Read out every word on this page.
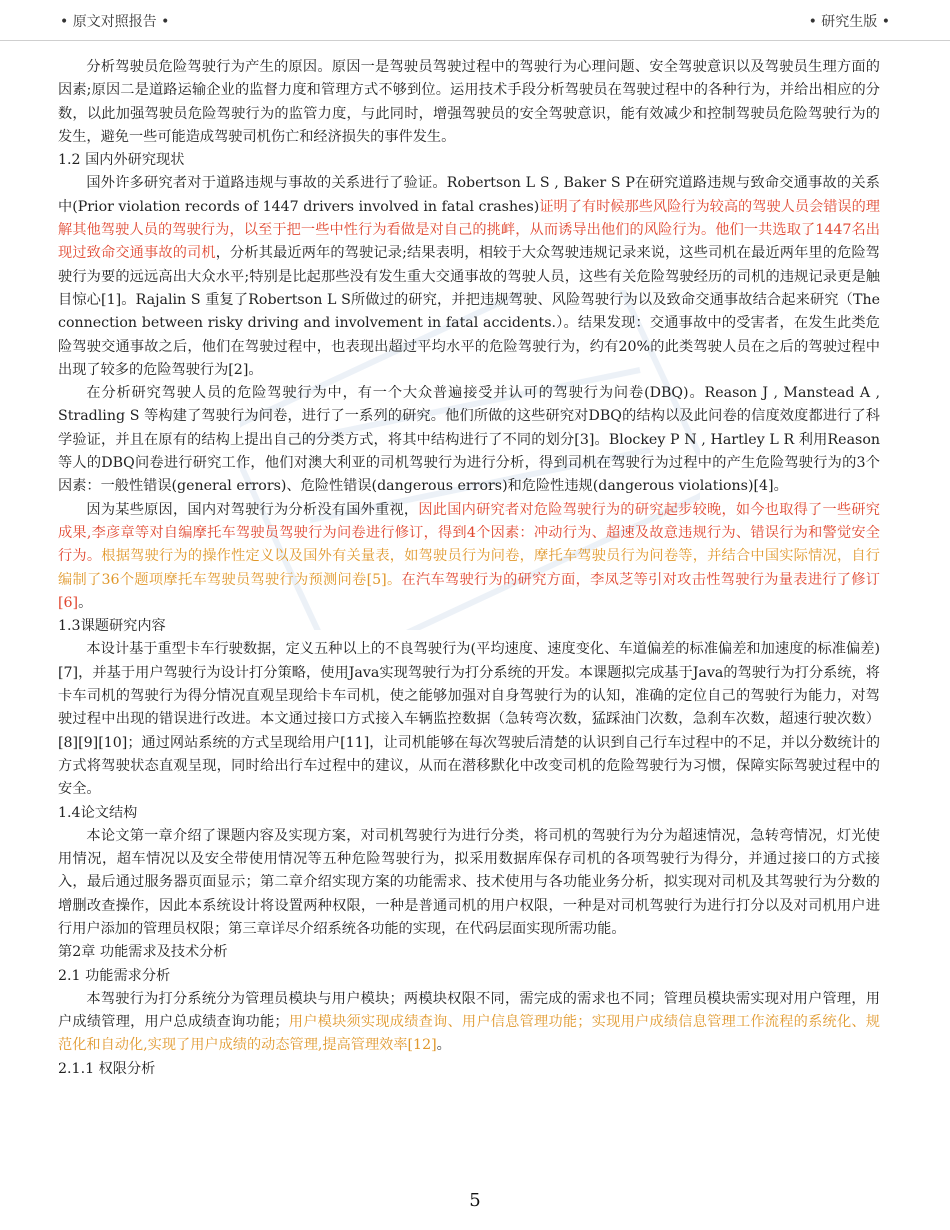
• 原文对照报告 •	• 研究生版 •

分析驾驶员危险驾驶行为产生的原因。原因一是驾驶员驾驶过程中的驾驶行为心理问题、安全驾驶意识以及驾驶员生理方面的因素;原因二是道路运输企业的监督力度和管理方式不够到位。运用技术手段分析驾驶员在驾驶过程中的各种行为，并给出相应的分数，以此加强驾驶员危险驾驶行为的监管力度，与此同时，增强驾驶员的安全驾驶意识，能有效减少和控制驾驶员危险驾驶行为的发生，避免一些可能造成驾驶司机伤亡和经济损失的事件发生。

1.2 国内外研究现状

国外许多研究者对于道路违规与事故的关系进行了验证。Robertson L S , Baker S P在研究道路违规与致命交通事故的关系中(Prior violation records of 1447 drivers involved in fatal crashes)证明了有时候那些风险行为较高的驾驶人员会错误的理解其他驾驶人员的驾驶行为，以至于把一些中性行为看做是对自己的挑衅，从而诱导出他们的风险行为。他们一共选取了1447名出现过致命交通事故的司机，分析其最近两年的驾驶记录;结果表明，相较于大众驾驶违规记录来说，这些司机在最近两年里的危险驾驶行为要的远远高出大众水平;特别是比起那些没有发生重大交通事故的驾驶人员，这些有关危险驾驶经历的司机的违规记录更是触目惊心[1]。Rajalin S 重复了Robertson L S所做过的研究，并把违规驾驶、风险驾驶行为以及致命交通事故结合起来研究（The connection between risky driving and involvement in fatal accidents.）。结果发现：交通事故中的受害者，在发生此类危险驾驶交通事故之后，他们在驾驶过程中，也表现出超过平均水平的危险驾驶行为，约有20%的此类驾驶人员在之后的驾驶过程中出现了较多的危险驾驶行为[2]。

在分析研究驾驶人员的危险驾驶行为中，有一个大众普遍接受并认可的驾驶行为问卷(DBQ)。Reason J , Manstead A , Stradling S 等构建了驾驶行为问卷，进行了一系列的研究。他们所做的这些研究对DBQ的结构以及此问卷的信度效度都进行了科学验证，并且在原有的结构上提出自己的分类方式，将其中结构进行了不同的划分[3]。Blockey P N , Hartley L R 利用Reason等人的DBQ问卷进行研究工作，他们对澳大利亚的司机驾驶行为进行分析，得到司机在驾驶行为过程中的产生危险驾驶行为的3个因素：一般性错误(general errors)、危险性错误(dangerous errors)和危险性违规(dangerous violations)[4]。

因为某些原因，国内对驾驶行为分析没有国外重视，因此国内研究者对危险驾驶行为的研究起步较晚，如今也取得了一些研究成果,李彦章等对自编摩托车驾驶员驾驶行为问卷进行修订，得到4个因素：冲动行为、超速及故意违规行为、错误行为和警觉安全行为。根据驾驶行为的操作性定义以及国外有关量表，如驾驶员行为问卷，摩托车驾驶员行为问卷等，并结合中国实际情况，自行编制了36个题项摩托车驾驶员驾驶行为预测问卷[5]。在汽车驾驶行为的研究方面，李凤芝等引对攻击性驾驶行为量表进行了修订[6]。

1.3课题研究内容

本设计基于重型卡车行驶数据，定义五种以上的不良驾驶行为(平均速度、速度变化、车道偏差的标准偏差和加速度的标准偏差)[7]，并基于用户驾驶行为设计打分策略，使用Java实现驾驶行为打分系统的开发。本课题拟完成基于Java的驾驶行为打分系统，将卡车司机的驾驶行为得分情况直观呈现给卡车司机，使之能够加强对自身驾驶行为的认知，准确的定位自己的驾驶行为能力，对驾驶过程中出现的错误进行改进。本文通过接口方式接入车辆监控数据（急转弯次数，猛踩油门次数，急刹车次数，超速行驶次数）[8][9][10]；通过网站系统的方式呈现给用户[11]，让司机能够在每次驾驶后清楚的认识到自己行车过程中的不足，并以分数统计的方式将驾驶状态直观呈现，同时给出行车过程中的建议，从而在潜移默化中改变司机的危险驾驶行为习惯，保障实际驾驶过程中的安全。

1.4论文结构

本论文第一章介绍了课题内容及实现方案，对司机驾驶行为进行分类，将司机的驾驶行为分为超速情况，急转弯情况，灯光使用情况，超车情况以及安全带使用情况等五种危险驾驶行为，拟采用数据库保存司机的各项驾驶行为得分，并通过接口的方式接入，最后通过服务器页面显示；第二章介绍实现方案的功能需求、技术使用与各功能业务分析，拟实现对司机及其驾驶行为分数的增删改查操作，因此本系统设计将设置两种权限，一种是普通司机的用户权限，一种是对司机驾驶行为进行打分以及对司机用户进行用户添加的管理员权限；第三章详尽介绍系统各功能的实现，在代码层面实现所需功能。

第2章 功能需求及技术分析

2.1 功能需求分析

本驾驶行为打分系统分为管理员模块与用户模块；两模块权限不同，需完成的需求也不同；管理员模块需实现对用户管理，用户成绩管理，用户总成绩查询功能；用户模块须实现成绩查询、用户信息管理功能；实现用户成绩信息管理工作流程的系统化、规范化和自动化,实现了用户成绩的动态管理,提高管理效率[12]。

2.1.1 权限分析

5
